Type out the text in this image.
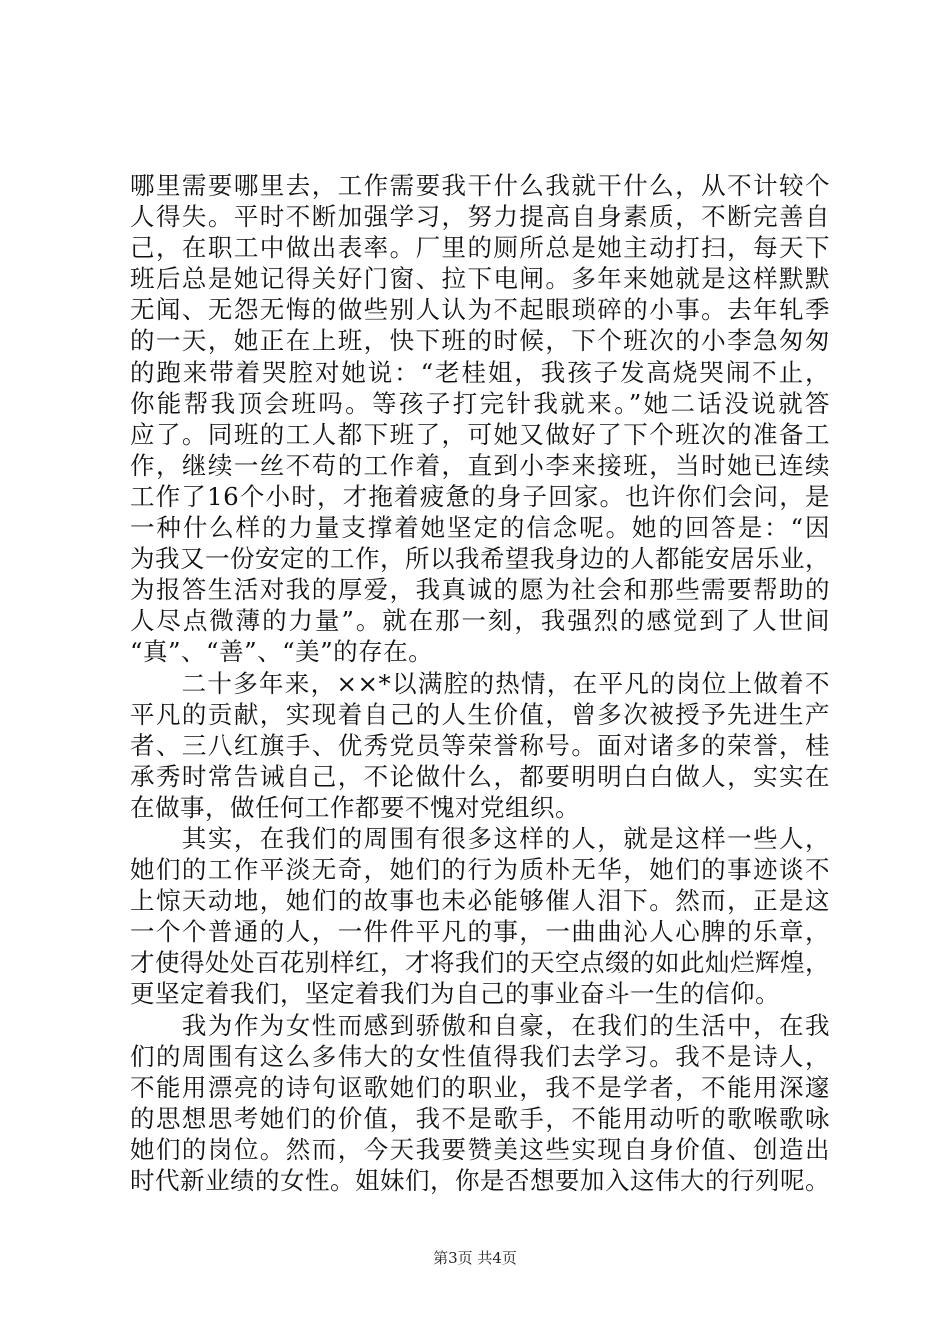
哪里需要哪里去，工作需要我干什么我就干什么，从不计较个
人得失。平时不断加强学习，努力提高自身素质，不断完善自
己，在职工中做出表率。厂里的厕所总是她主动打扫，每天下
班后总是她记得关好门窗、拉下电闸。多年来她就是这样默默
无闻、无怨无悔的做些别人认为不起眼琐碎的小事。去年轧季
的一天，她正在上班，快下班的时候，下个班次的小李急匆匆
的跑来带着哭腔对她说：“老桂姐，我孩子发高烧哭闹不止，
你能帮我顶会班吗。等孩子打完针我就来。”她二话没说就答
应了。同班的工人都下班了，可她又做好了下个班次的准备工
作，继续一丝不苟的工作着，直到小李来接班，当时她已连续
工作了16个小时，才拖着疲惫的身子回家。也许你们会问，是
一种什么样的力量支撑着她坚定的信念呢。她的回答是：“因
为我又一份安定的工作，所以我希望我身边的人都能安居乐业，
为报答生活对我的厚爱，我真诚的愿为社会和那些需要帮助的
人尽点微薄的力量”。就在那一刻，我强烈的感觉到了人世间
“真”、“善”、“美”的存在。
　　二十多年来，××*以满腔的热情，在平凡的岗位上做着不
平凡的贡献，实现着自己的人生价值，曾多次被授予先进生产
者、三八红旗手、优秀党员等荣誉称号。面对诸多的荣誉，桂
承秀时常告诫自己，不论做什么，都要明明白白做人，实实在
在做事，做任何工作都要不愧对党组织。
　　其实，在我们的周围有很多这样的人，就是这样一些人，
她们的工作平淡无奇，她们的行为质朴无华，她们的事迹谈不
上惊天动地，她们的故事也未必能够催人泪下。然而，正是这
一个个普通的人，一件件平凡的事，一曲曲沁人心脾的乐章，
才使得处处百花别样红，才将我们的天空点缀的如此灿烂辉煌，
更坚定着我们，坚定着我们为自己的事业奋斗一生的信仰。
　　我为作为女性而感到骄傲和自豪，在我们的生活中，在我
们的周围有这么多伟大的女性值得我们去学习。我不是诗人，
不能用漂亮的诗句讴歌她们的职业，我不是学者，不能用深邃
的思想思考她们的价值，我不是歌手，不能用动听的歌喉歌咏
她们的岗位。然而，今天我要赞美这些实现自身价值、创造出
时代新业绩的女性。姐妹们，你是否想要加入这伟大的行列呢。
第3页 共4页
